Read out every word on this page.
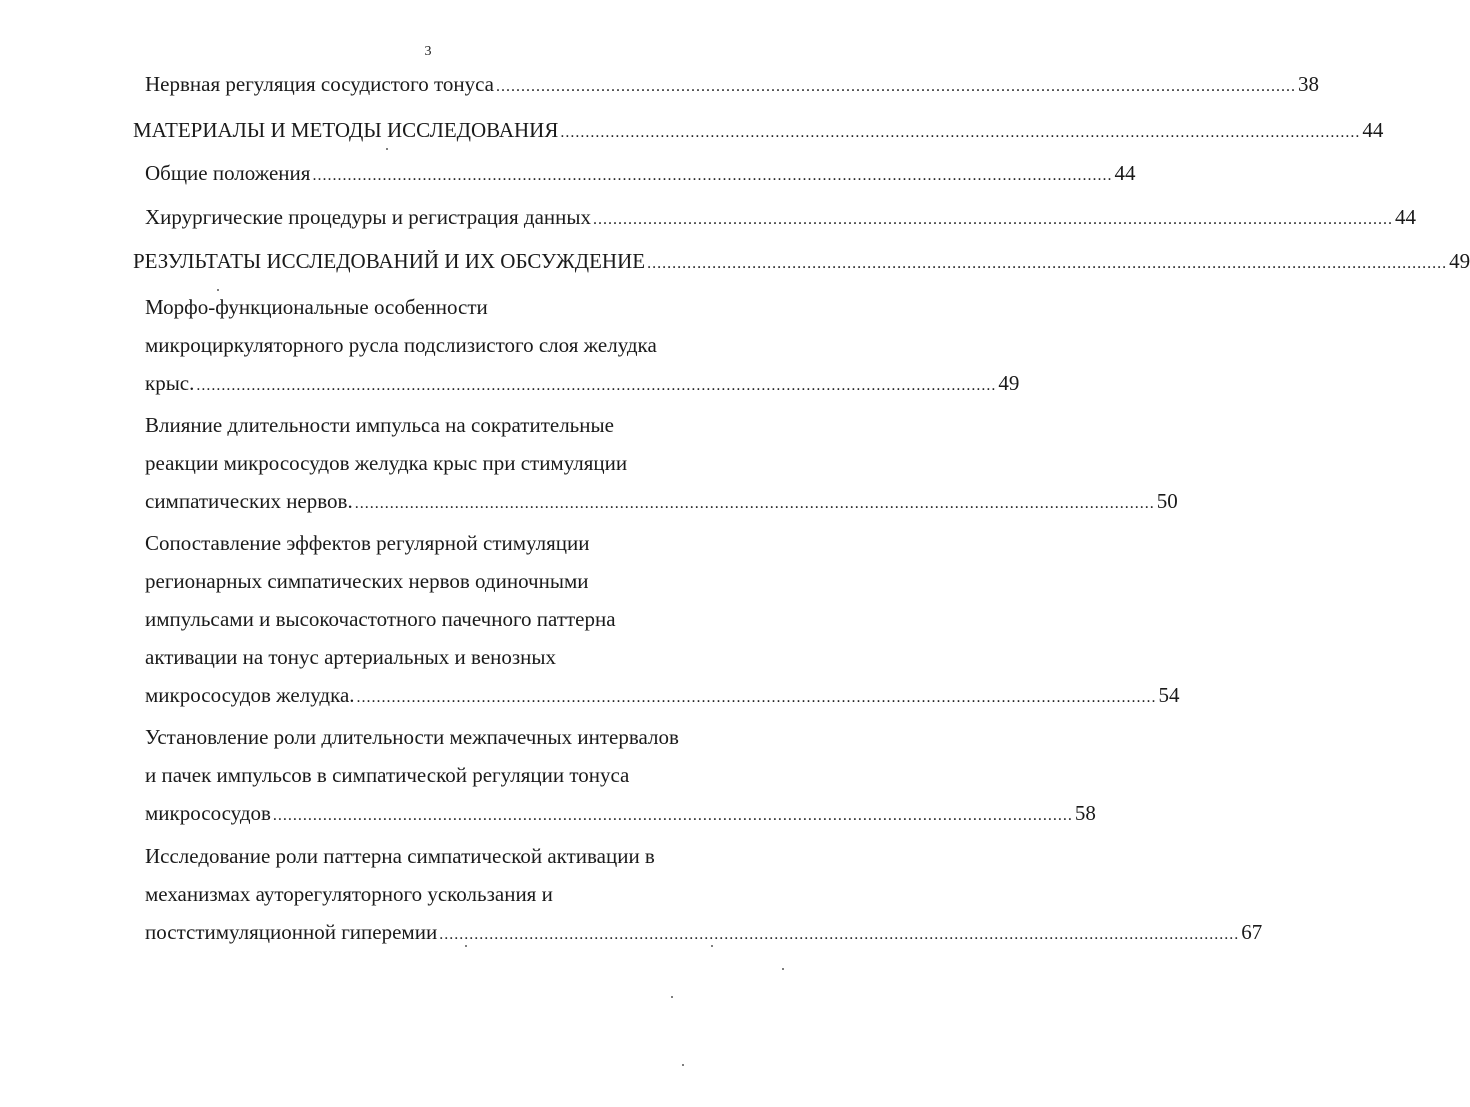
3
Нервная регуляция сосудистого тонуса ................................................................................................................................................................ 38
МАТЕРИАЛЫ И МЕТОДЫ ИССЛЕДОВАНИЯ ................................................................................................................................................................ 44
Общие положения ................................................................................................................................................................ 44
Хирургические процедуры и регистрация данных ................................................................................................................................................................ 44
РЕЗУЛЬТАТЫ ИССЛЕДОВАНИЙ И ИХ ОБСУЖДЕНИЕ ................................................................................................................................................................ 49
Морфо-функциональные особенности
микроциркуляторного русла подслизистого слоя желудка
крыс. ................................................................................................................................................................ 49
Влияние длительности импульса на сократительные
реакции микрососудов желудка крыс при стимуляции
симпатических нервов. ................................................................................................................................................................ 50
Сопоставление эффектов регулярной стимуляции
регионарных симпатических нервов одиночными
импульсами и высокочастотного пачечного паттерна
активации на тонус артериальных и венозных
микрососудов желудка. ................................................................................................................................................................ 54
Установление роли длительности межпачечных интервалов
и пачек импульсов в симпатической регуляции тонуса
микрососудов ................................................................................................................................................................ 58
Исследование роли паттерна симпатической активации в
механизмах ауторегуляторного ускользания и
постстимуляционной гиперемии ................................................................................................................................................................ 67
